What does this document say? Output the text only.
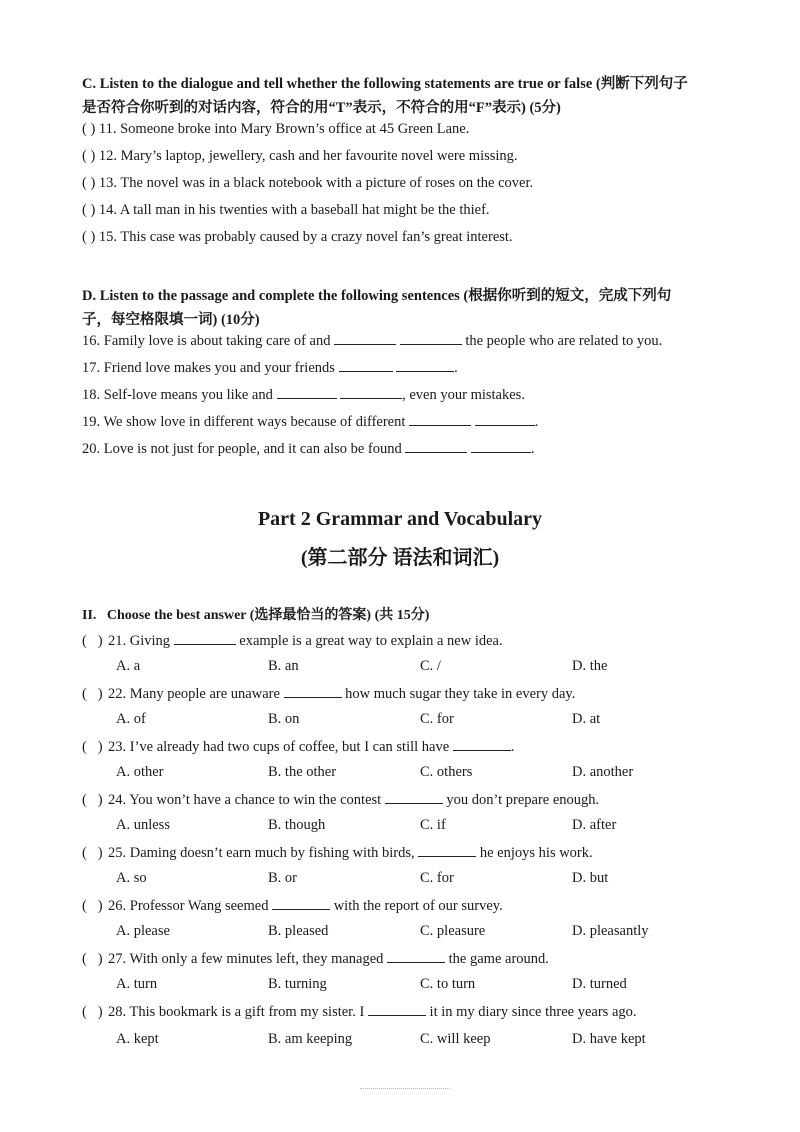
C. Listen to the dialogue and tell whether the following statements are true or false (判断下列句子
是否符合你听到的对话内容，符合的用“T”表示，不符合的用“F”表示) (5分)
( ) 11. Someone broke into Mary Brown’s office at 45 Green Lane.
( ) 12. Mary’s laptop, jewellery, cash and her favourite novel were missing.
( ) 13. The novel was in a black notebook with a picture of roses on the cover.
( ) 14. A tall man in his twenties with a baseball hat might be the thief.
( ) 15. This case was probably caused by a crazy novel fan’s great interest.
D. Listen to the passage and complete the following sentences (根据你听到的短文，完成下列句
子，每空格限填一词) (10分)
16. Family love is about taking care of and	the people who are related to you.
17. Friend love makes you and your friends	.
18. Self-love means you like and	, even your mistakes.
19. We show love in different ways because of different	.
20. Love is not just for people, and it can also be found	.
Part 2 Grammar and Vocabulary
(第二部分 语法和词汇)
II. Choose the best answer (选择最恰当的答案) (共 15分)
(   ) 21. Giving	example is a great way to explain a new idea.
A. a	B. an	C. /	D. the
(   ) 22. Many people are unaware	how much sugar they take in every day.
A. of	B. on	C. for	D. at
(   ) 23. I’ve already had two cups of coffee, but I can still have	.
A. other	B. the other	C. others	D. another
(   ) 24. You won’t have a chance to win the contest	you don’t prepare enough.
A. unless	B. though	C. if	D. after
(   ) 25. Daming doesn’t earn much by fishing with birds,	he enjoys his work.
A. so	B. or	C. for	D. but
(   ) 26. Professor Wang seemed	with the report of our survey.
A. please	B. pleased	C. pleasure	D. pleasantly
(   ) 27. With only a few minutes left, they managed	the game around.
A. turn	B. turning	C. to turn	D. turned
(   ) 28. This bookmark is a gift from my sister. I	it in my diary since three years ago.
A. kept	B. am keeping	C. will keep	D. have kept
